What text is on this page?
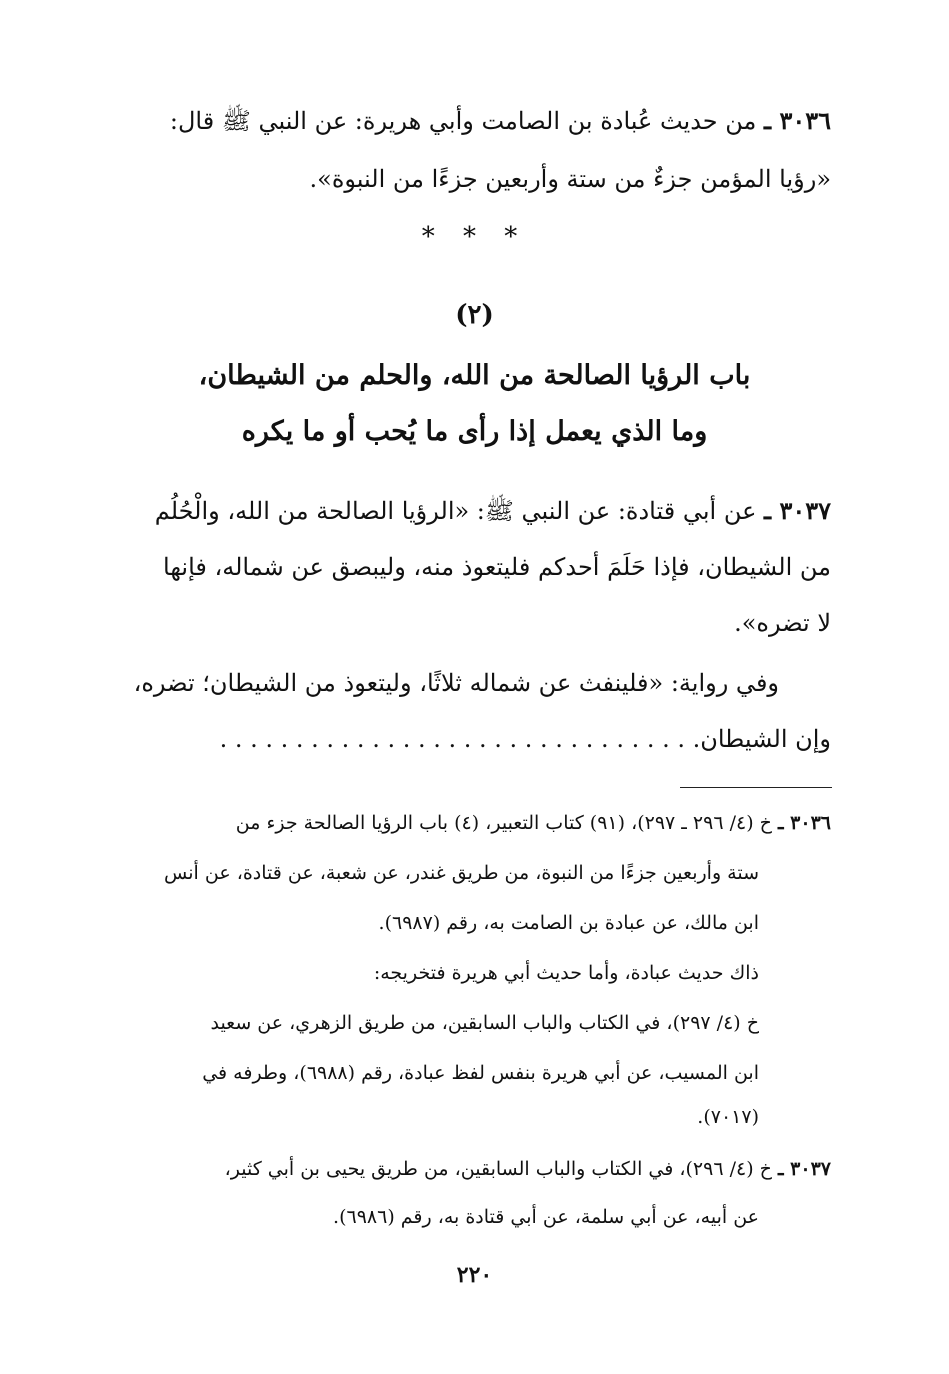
٣٠٣٦ ـ من حديث عُبادة بن الصامت وأبي هريرة: عن النبي ﷺ قال:
«رؤيا المؤمن جزءٌ من ستة وأربعين جزءًا من النبوة».
* * *
(٢)
باب الرؤيا الصالحة من الله، والحلم من الشيطان،
وما الذي يعمل إذا رأى ما يُحب أو ما يكره
٣٠٣٧ ـ عن أبي قتادة: عن النبي ﷺ: «الرؤيا الصالحة من الله، والْحُلُم
من الشيطان، فإذا حَلَمَ أحدكم فليتعوذ منه، وليبصق عن شماله، فإنها
لا تضره».
وفي رواية: «فلينفث عن شماله ثلاثًا، وليتعوذ من الشيطان؛ تضره،
وإن الشيطان. . . . . . . . . . . . . . . . . . . . . . . . . . . . . . . .
٣٠٣٦ ـ خ (٤/ ٢٩٦ ـ ٢٩٧)، (٩١) كتاب التعبير، (٤) باب الرؤيا الصالحة جزء من
ستة وأربعين جزءًا من النبوة، من طريق غندر، عن شعبة، عن قتادة، عن أنس
ابن مالك، عن عبادة بن الصامت به، رقم (٦٩٨٧).
ذاك حديث عبادة، وأما حديث أبي هريرة فتخريجه:
خ (٤/ ٢٩٧)، في الكتاب والباب السابقين، من طريق الزهري، عن سعيد
ابن المسيب، عن أبي هريرة بنفس لفظ عبادة، رقم (٦٩٨٨)، وطرفه في
(٧٠١٧).
٣٠٣٧ ـ خ (٤/ ٢٩٦)، في الكتاب والباب السابقين، من طريق يحيى بن أبي كثير،
عن أبيه، عن أبي سلمة، عن أبي قتادة به، رقم (٦٩٨٦).
٢٢٠
